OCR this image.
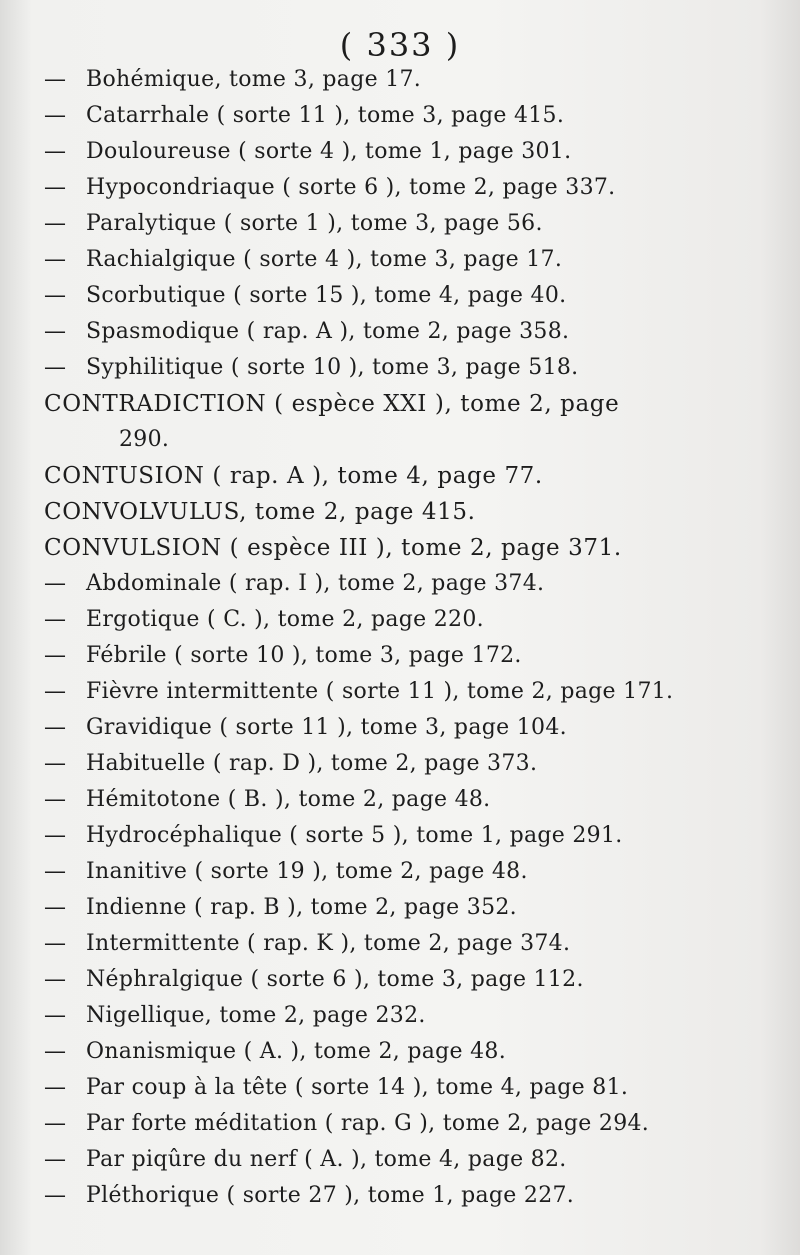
( 333 )
— Bohémique, tome 3, page 17.
— Catarrhale ( sorte 11 ), tome 3, page 415.
— Douloureuse ( sorte 4 ), tome 1, page 301.
— Hypocondriaque ( sorte 6 ), tome 2, page 337.
— Paralytique ( sorte 1 ), tome 3, page 56.
— Rachialgique ( sorte 4 ), tome 3, page 17.
— Scorbutique ( sorte 15 ), tome 4, page 40.
— Spasmodique ( rap. A ), tome 2, page 358.
— Syphilitique ( sorte 10 ), tome 3, page 518.
CONTRADICTION ( espèce XXI ), tome 2, page
290.
CONTUSION ( rap. A ), tome 4, page 77.
CONVOLVULUS, tome 2, page 415.
CONVULSION ( espèce III ), tome 2, page 371.
— Abdominale ( rap. I ), tome 2, page 374.
— Ergotique ( C. ), tome 2, page 220.
— Fébrile ( sorte 10 ), tome 3, page 172.
— Fièvre intermittente ( sorte 11 ), tome 2, page 171.
— Gravidique ( sorte 11 ), tome 3, page 104.
— Habituelle ( rap. D ), tome 2, page 373.
— Hémitotone ( B. ), tome 2, page 48.
— Hydrocéphalique ( sorte 5 ), tome 1, page 291.
— Inanitive ( sorte 19 ), tome 2, page 48.
— Indienne ( rap. B ), tome 2, page 352.
— Intermittente ( rap. K ), tome 2, page 374.
— Néphralgique ( sorte 6 ), tome 3, page 112.
— Nigellique, tome 2, page 232.
— Onanismique ( A. ), tome 2, page 48.
— Par coup à la tête ( sorte 14 ), tome 4, page 81.
— Par forte méditation ( rap. G ), tome 2, page 294.
— Par piqûre du nerf ( A. ), tome 4, page 82.
— Pléthorique ( sorte 27 ), tome 1, page 227.
